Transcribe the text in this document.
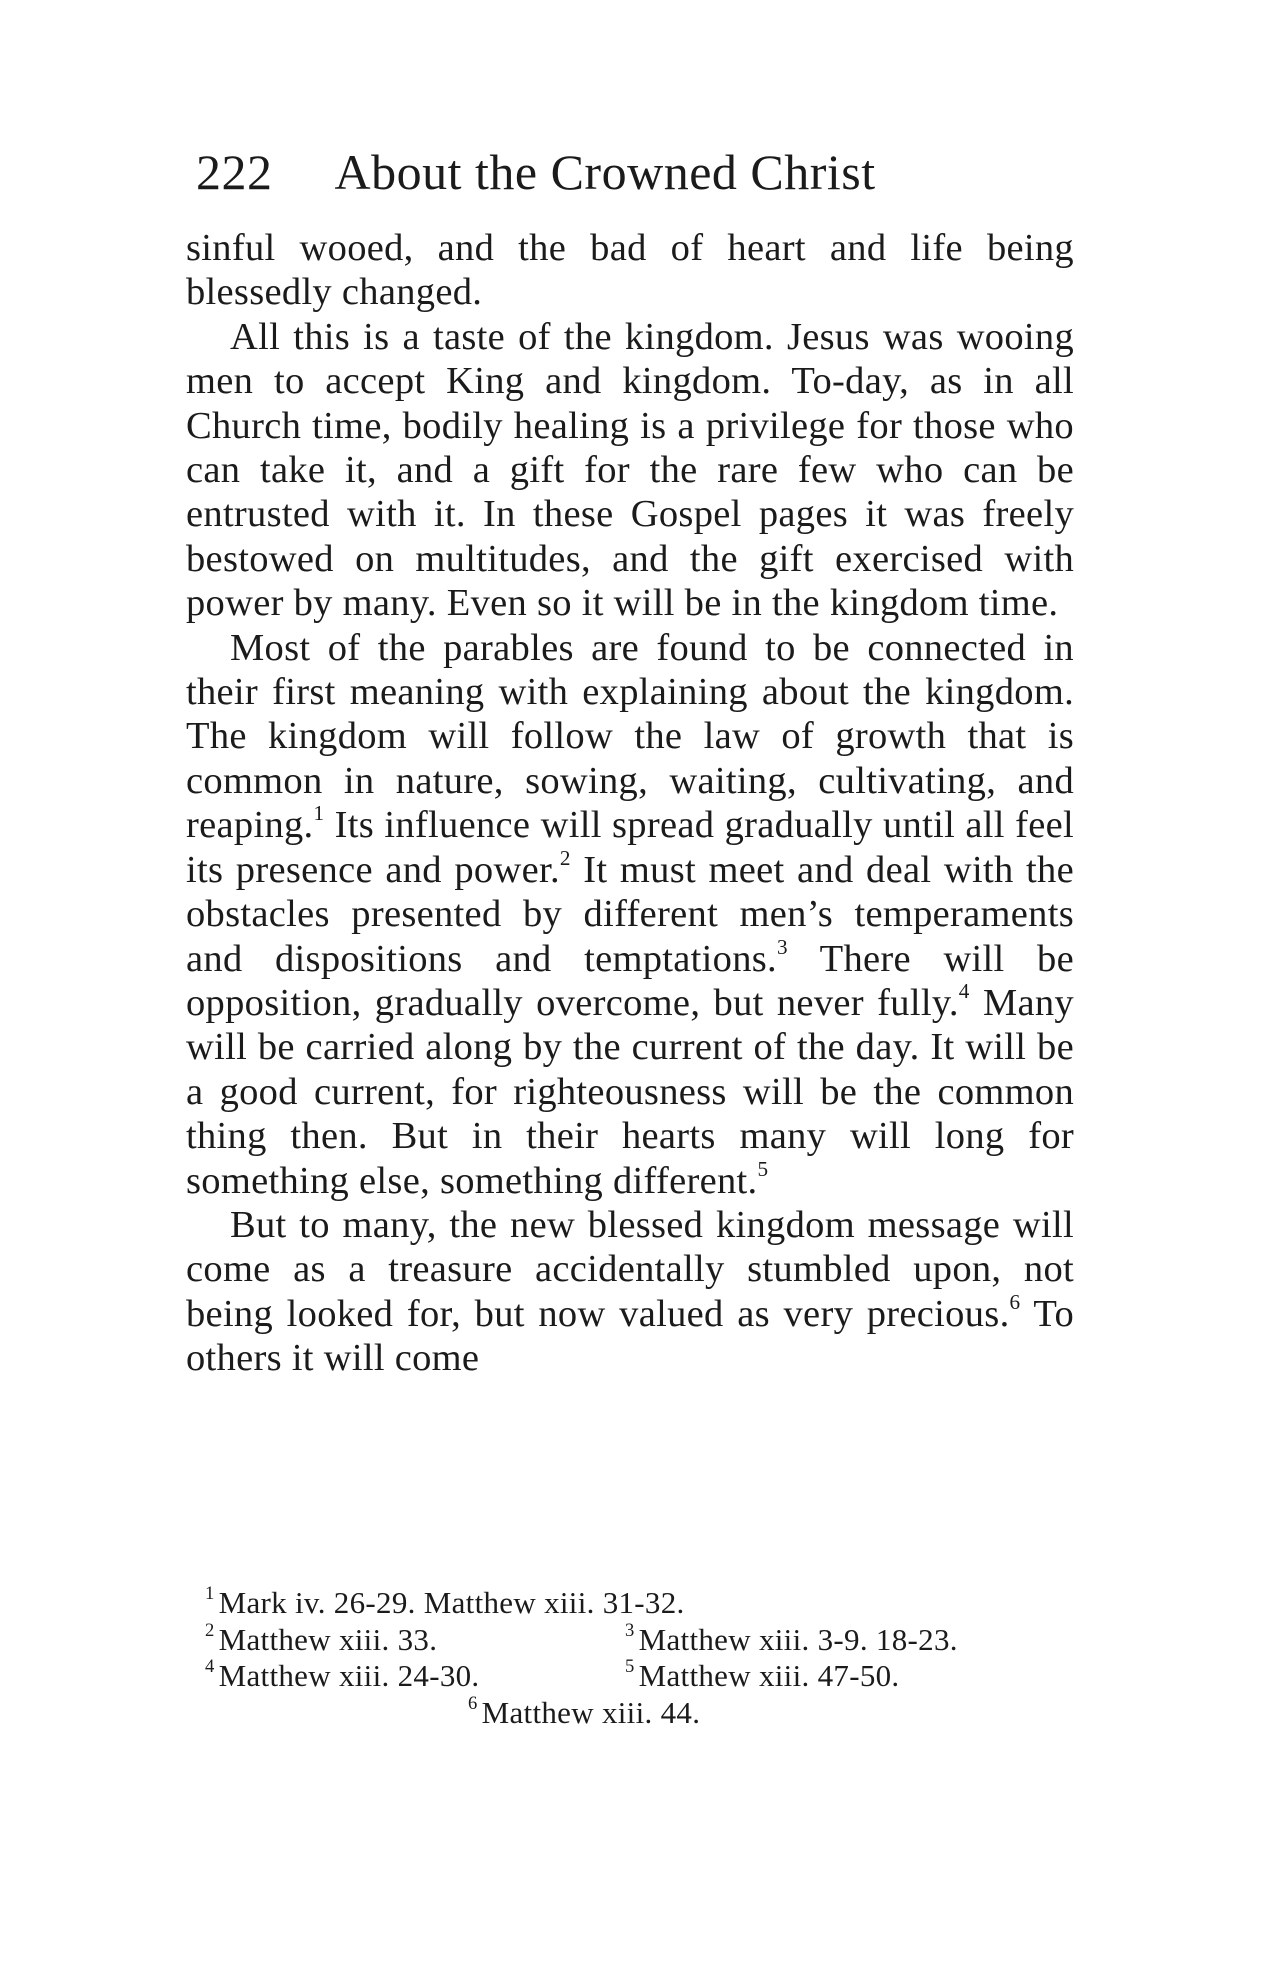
222 About the Crowned Christ

sinful wooed, and the bad of heart and life being blessedly changed.

All this is a taste of the kingdom. Jesus was wooing men to accept King and kingdom. To-day, as in all Church time, bodily healing is a privilege for those who can take it, and a gift for the rare few who can be entrusted with it. In these Gospel pages it was freely bestowed on multitudes, and the gift exercised with power by many. Even so it will be in the kingdom time.

Most of the parables are found to be connected in their first meaning with explaining about the kingdom. The kingdom will follow the law of growth that is common in nature, sowing, waiting, cultivating, and reaping.$^1$ Its influence will spread gradually until all feel its presence and power.$^2$ It must meet and deal with the obstacles presented by different men’s temperaments and dispositions and temptations.$^3$ There will be opposition, gradually overcome, but never fully.$^4$ Many will be carried along by the current of the day. It will be a good current, for righteousness will be the common thing then. But in their hearts many will long for something else, something different.$^5$

But to many, the new blessed kingdom message will come as a treasure accidentally stumbled upon, not being looked for, but now valued as very precious.$^6$ To others it will come

$^1$ Mark iv. 26-29. Matthew xiii. 31-32.
$^2$ Matthew xiii. 33.	$^3$ Matthew xiii. 3-9. 18-23.
$^4$ Matthew xiii. 24-30.	$^5$ Matthew xiii. 47-50.
$^6$ Matthew xiii. 44.
